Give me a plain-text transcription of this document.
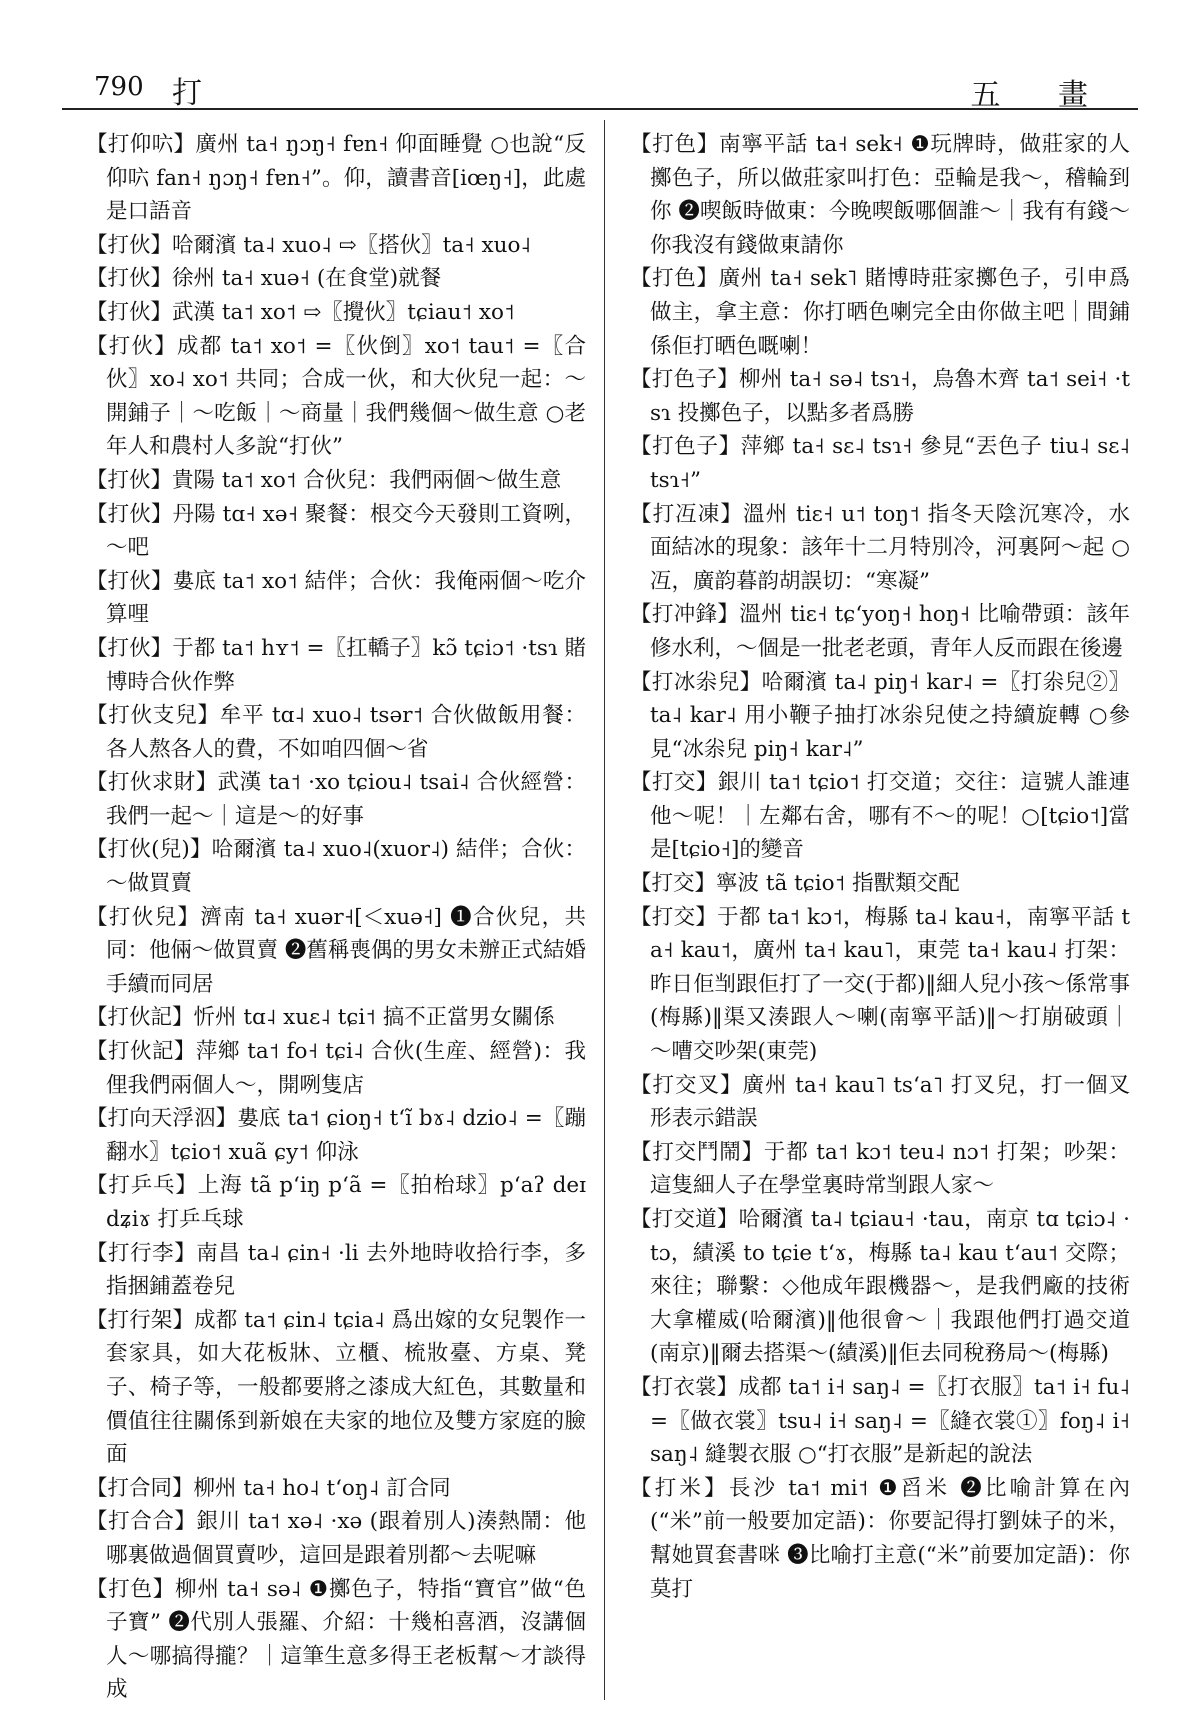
790 打	五 畫
【打仰𠯿】廣州 ta˧ ŋɔŋ˧ fɐn˧ 仰面睡覺 ○也說“反仰𠯿 fan˧ ŋɔŋ˧ fɐn˧”。仰，讀書音[iœŋ˧]，此處是口語音
【打伙】哈爾濱 ta˨ xuo˨ ⇨〖搭伙〗ta˧ xuo˨
【打伙】徐州 ta˧ xuə˧ (在食堂)就餐
【打伙】武漢 ta˦ xo˦ ⇨〖攪伙〗tɕiau˦ xo˦
【打伙】成都 ta˦ xo˦ =〖伙倒〗xo˦ tau˦ =〖合伙〗xo˨ xo˦ 共同；合成一伙，和大伙兒一起：～開鋪子｜～吃飯｜～商量｜我們幾個～做生意 ○老年人和農村人多說“打伙”
【打伙】貴陽 ta˦ xo˦ 合伙兒：我們兩個～做生意
【打伙】丹陽 tɑ˧ xə˧ 聚餐：根交今天發則工資咧，～吧
【打伙】婁底 ta˦ xo˦ 結伴；合伙：我俺兩個～吃介算哩
【打伙】于都 ta˦ hʏ˦ =〖扛轎子〗kɔ̃ tɕiɔ˦ ·tsɿ 賭博時合伙作弊
【打伙支兒】牟平 tɑ˨ xuo˨ tsər˦ 合伙做飯用餐：各人熬各人的費，不如咱四個～省
【打伙求財】武漢 ta˦ ·xo tɕiou˨ tsai˨ 合伙經營：我們一起～｜這是～的好事
【打伙(兒)】哈爾濱 ta˨ xuo˨(xuor˨) 結伴；合伙：～做買賣
【打伙兒】濟南 ta˧ xuər˧[＜xuə˧] ❶合伙兒，共同：他倆～做買賣 ❷舊稱喪偶的男女未辦正式結婚手續而同居
【打伙記】忻州 tɑ˨ xuɛ˨ tɕi˦ 搞不正當男女關係
【打伙記】萍鄉 ta˦ fo˧ tɕi˨ 合伙(生産、經營)：我俚我們兩個人～，開咧隻店
【打向天浮泅】婁底 ta˦ ɕioŋ˧ tʻĩ bɤ˨ dzio˨ =〖蹦翻水〗tɕio˦ xuã ɕy˦ 仰泳
【打乒乓】上海 tã pʻiŋ pʻã =〖拍枱球〗pʻaʔ deɪ dʑiɤ 打乒乓球
【打行李】南昌 ta˨ ɕin˧ ·li 去外地時收拾行李，多指捆鋪蓋卷兒
【打行架】成都 ta˦ ɕin˨ tɕia˨ 爲出嫁的女兒製作一套家具，如大花板牀、立櫃、梳妝臺、方桌、凳子、椅子等，一般都要將之漆成大紅色，其數量和價值往往關係到新娘在夫家的地位及雙方家庭的臉面
【打合同】柳州 ta˧ ho˨ tʻoŋ˨ 訂合同
【打合合】銀川 ta˦ xə˨ ·xə (跟着別人)湊熱鬧：他哪裏做過個買賣吵，這回是跟着別都～去呢嘛
【打色】柳州 ta˧ sə˨ ❶擲色子，特指“寶官”做“色子寶” ❷代別人張羅、介紹：十幾桕喜酒，沒講個人～哪搞得攏？｜這筆生意多得王老板幫～才談得成
【打色】南寧平話 ta˧ sek˧ ❶玩牌時，做莊家的人擲色子，所以做莊家叫打色：亞輪是我～，稽輪到你 ❷喫飯時做東：今晚喫飯哪個誰～｜我有有錢～你我沒有錢做東請你
【打色】廣州 ta˧ sek˥ 賭博時莊家擲色子，引申爲做主，拿主意：你打晒色喇完全由你做主吧｜間鋪係佢打晒色嘅喇！
【打色子】柳州 ta˧ sə˨ tsɿ˧，烏魯木齊 ta˦ sei˧ ·tsɿ 投擲色子，以點多者爲勝
【打色子】萍鄉 ta˧ sɛ˨ tsɿ˧ 參見“丟色子 tiu˨ sɛ˨ tsɿ˧”
【打冱凍】溫州 tiɛ˧ u˦ toŋ˦ 指冬天陰沉寒冷，水面結冰的現象：該年十二月特別冷，河裏阿～起 ○冱，廣韵暮韵胡誤切：“寒凝”
【打冲鋒】溫州 tiɛ˧ tɕʻyoŋ˧ hoŋ˧ 比喻帶頭：該年修水利，～個是一批老老頭，青年人反而跟在後邊
【打冰尜兒】哈爾濱 ta˨ piŋ˧ kar˨ =〖打尜兒②〗ta˨ kar˨ 用小鞭子抽打冰尜兒使之持續旋轉 ○參見“冰尜兒 piŋ˧ kar˨”
【打交】銀川 ta˦ tɕio˦ 打交道；交往：這號人誰連他～呢！｜左鄰右舍，哪有不～的呢！○[tɕio˦]當是[tɕio˧]的變音
【打交】寧波 tã tɕio˦ 指獸類交配
【打交】于都 ta˦ kɔ˦，梅縣 ta˨ kau˧，南寧平話 ta˧ kau˦，廣州 ta˧ kau˥，東莞 ta˧ kau˨ 打架：昨日佢㓥跟佢打了一交(于都)‖細人兒小孩～係常事(梅縣)‖渠又湊跟人～喇(南寧平話)‖～打崩破頭｜～嘈交吵架(東莞)
【打交叉】廣州 ta˧ kau˥ tsʻa˥ 打叉兒，打一個叉形表示錯誤
【打交鬥鬧】于都 ta˦ kɔ˦ teu˨ nɔ˦ 打架；吵架：這隻細人子在學堂裏時常㓥跟人家～
【打交道】哈爾濱 ta˨ tɕiau˧ ·tau，南京 tɑ tɕiɔ˨ ·tɔ，績溪 to tɕie tʻɤ，梅縣 ta˨ kau tʻau˦ 交際；來往；聯繫：◇他成年跟機器～，是我們廠的技術大拿權威(哈爾濱)‖他很會～｜我跟他們打過交道(南京)‖爾去搭渠～(績溪)‖佢去同稅務局～(梅縣)
【打衣裳】成都 ta˦ i˧ saŋ˨ =〖打衣服〗ta˦ i˧ fu˨ =〖做衣裳〗tsu˨ i˧ saŋ˨ =〖縫衣裳①〗foŋ˨ i˧ saŋ˨ 縫製衣服 ○“打衣服”是新起的說法
【打米】長沙 ta˦ mi˦ ❶舀米 ❷比喻計算在內(“米”前一般要加定語)：你要記得打劉妹子的米，幫她買套書咪 ❸比喻打主意(“米”前要加定語)：你莫打
